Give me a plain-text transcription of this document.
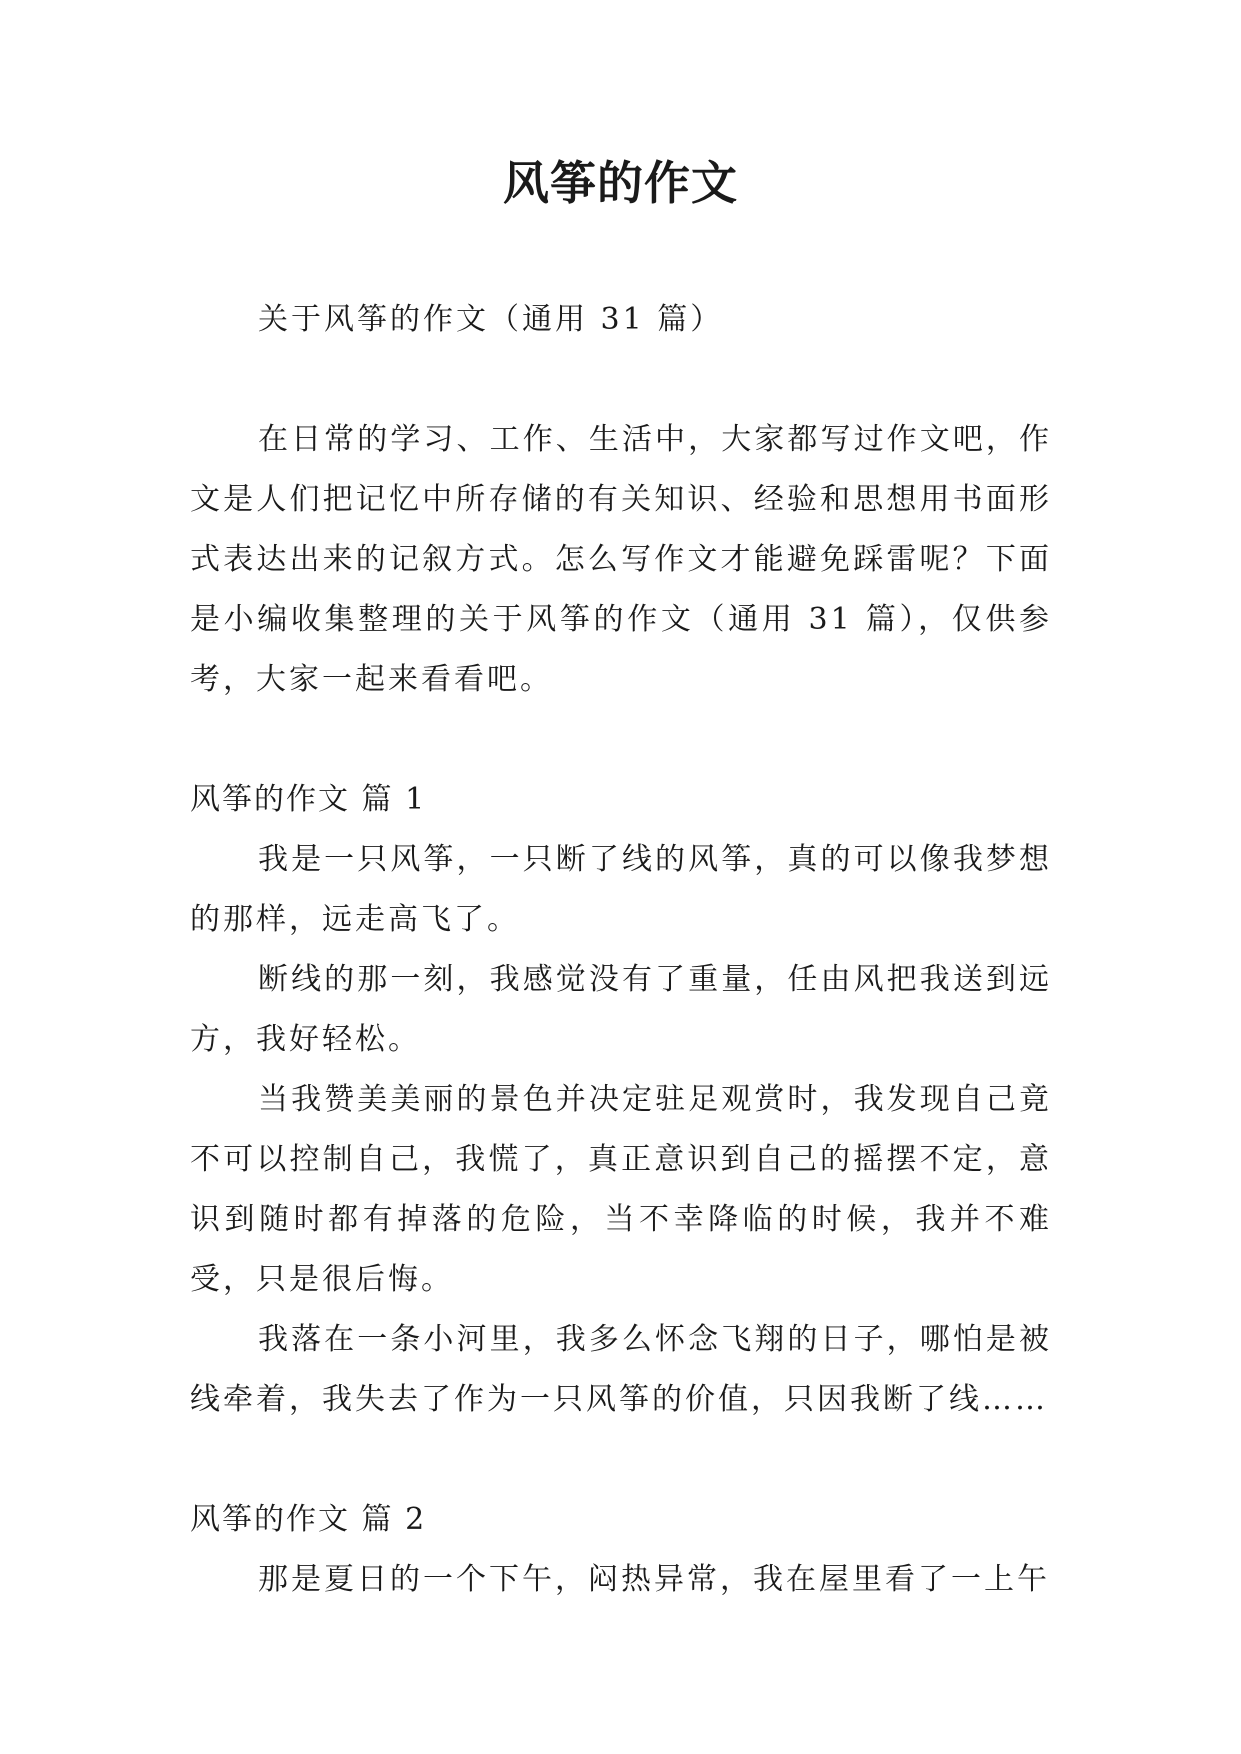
风筝的作文

关于风筝的作文（通用 31 篇）

在日常的学习、工作、生活中，大家都写过作文吧，作文是人们把记忆中所存储的有关知识、经验和思想用书面形式表达出来的记叙方式。怎么写作文才能避免踩雷呢？下面是小编收集整理的关于风筝的作文（通用 31 篇），仅供参考，大家一起来看看吧。

风筝的作文 篇 1

我是一只风筝，一只断了线的风筝，真的可以像我梦想的那样，远走高飞了。

断线的那一刻，我感觉没有了重量，任由风把我送到远方，我好轻松。

当我赞美美丽的景色并决定驻足观赏时，我发现自己竟不可以控制自己，我慌了，真正意识到自己的摇摆不定，意识到随时都有掉落的危险，当不幸降临的时候，我并不难受，只是很后悔。

我落在一条小河里，我多么怀念飞翔的日子，哪怕是被线牵着，我失去了作为一只风筝的价值，只因我断了线……

风筝的作文 篇 2

那是夏日的一个下午，闷热异常，我在屋里看了一上午
